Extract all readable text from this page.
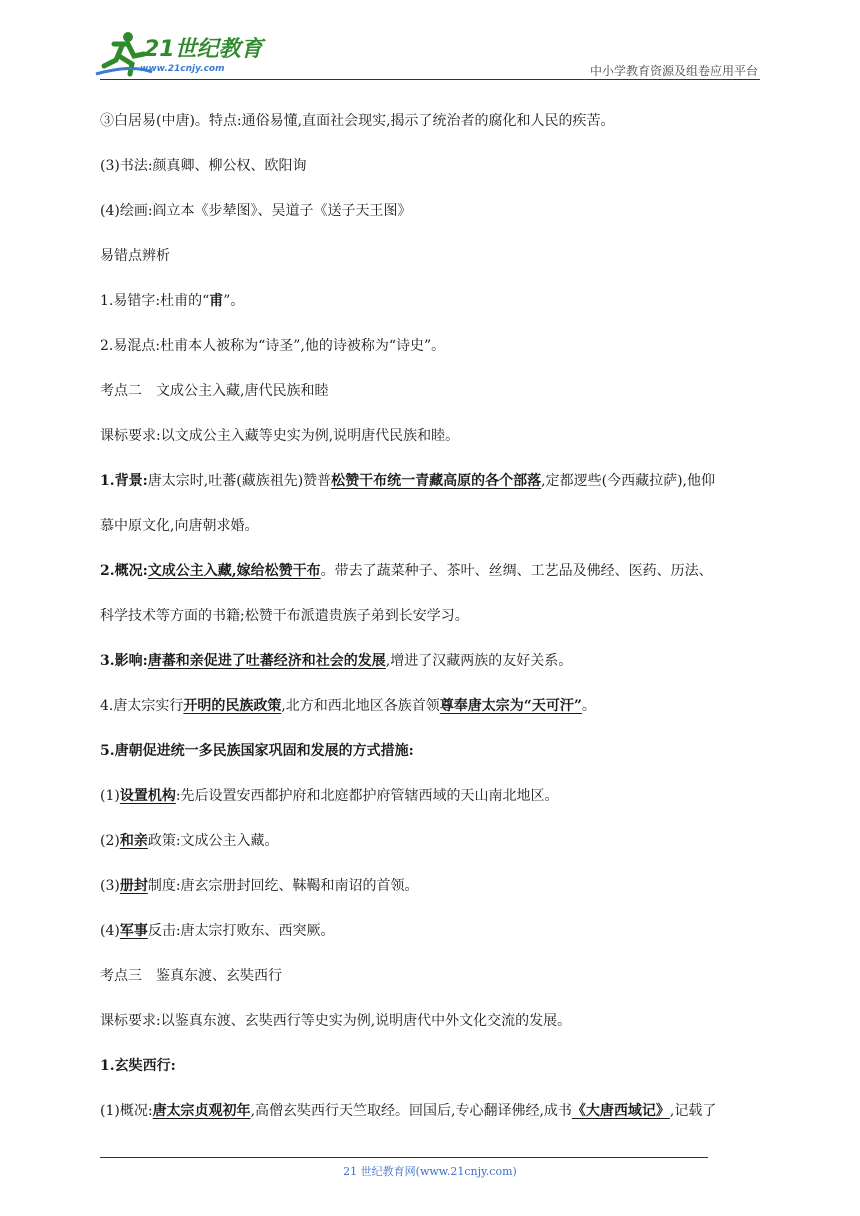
21世纪教育
www.21cnjy.com	中小学教育资源及组卷应用平台
③白居易(中唐)。特点:通俗易懂,直面社会现实,揭示了统治者的腐化和人民的疾苦。
(3)书法:颜真卿、柳公权、欧阳询
(4)绘画:阎立本《步辇图》、吴道子《送子天王图》
易错点辨析
1.易错字:杜甫的“甫”。
2.易混点:杜甫本人被称为“诗圣”,他的诗被称为“诗史”。
考点二　文成公主入藏,唐代民族和睦
课标要求:以文成公主入藏等史实为例,说明唐代民族和睦。
1.背景:唐太宗时,吐蕃(藏族祖先)赞普松赞干布统一青藏高原的各个部落,定都逻些(今西藏拉萨),他仰
慕中原文化,向唐朝求婚。
2.概况:文成公主入藏,嫁给松赞干布。带去了蔬菜种子、茶叶、丝绸、工艺品及佛经、医药、历法、
科学技术等方面的书籍;松赞干布派遣贵族子弟到长安学习。
3.影响:唐蕃和亲促进了吐蕃经济和社会的发展,增进了汉藏两族的友好关系。
4.唐太宗实行开明的民族政策,北方和西北地区各族首领尊奉唐太宗为“天可汗”。
5.唐朝促进统一多民族国家巩固和发展的方式措施:
(1)设置机构:先后设置安西都护府和北庭都护府管辖西域的天山南北地区。
(2)和亲政策:文成公主入藏。
(3)册封制度:唐玄宗册封回纥、靺鞨和南诏的首领。
(4)军事反击:唐太宗打败东、西突厥。
考点三　鉴真东渡、玄奘西行
课标要求:以鉴真东渡、玄奘西行等史实为例,说明唐代中外文化交流的发展。
1.玄奘西行:
(1)概况:唐太宗贞观初年,高僧玄奘西行天竺取经。回国后,专心翻译佛经,成书《大唐西域记》,记载了
21 世纪教育网(www.21cnjy.com)
